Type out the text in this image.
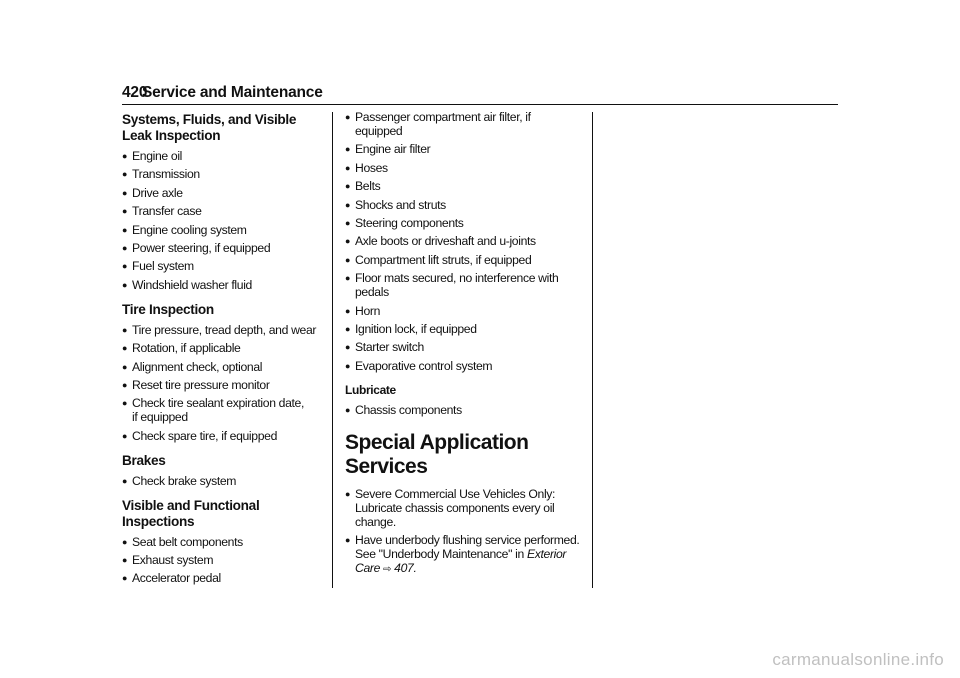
420
Service and Maintenance
Systems, Fluids, and Visible Leak Inspection
● Engine oil
● Transmission
● Drive axle
● Transfer case
● Engine cooling system
● Power steering, if equipped
● Fuel system
● Windshield washer fluid
Tire Inspection
● Tire pressure, tread depth, and wear
● Rotation, if applicable
● Alignment check, optional
● Reset tire pressure monitor
● Check tire sealant expiration date, if equipped
● Check spare tire, if equipped
Brakes
● Check brake system
Visible and Functional Inspections
● Seat belt components
● Exhaust system
● Accelerator pedal
● Passenger compartment air filter, if equipped
● Engine air filter
● Hoses
● Belts
● Shocks and struts
● Steering components
● Axle boots or driveshaft and u-joints
● Compartment lift struts, if equipped
● Floor mats secured, no interference with pedals
● Horn
● Ignition lock, if equipped
● Starter switch
● Evaporative control system
Lubricate
● Chassis components
Special Application Services
● Severe Commercial Use Vehicles Only: Lubricate chassis components every oil change.
● Have underbody flushing service performed. See "Underbody Maintenance" in Exterior Care ⇨ 407.
carmanualsonline.info
